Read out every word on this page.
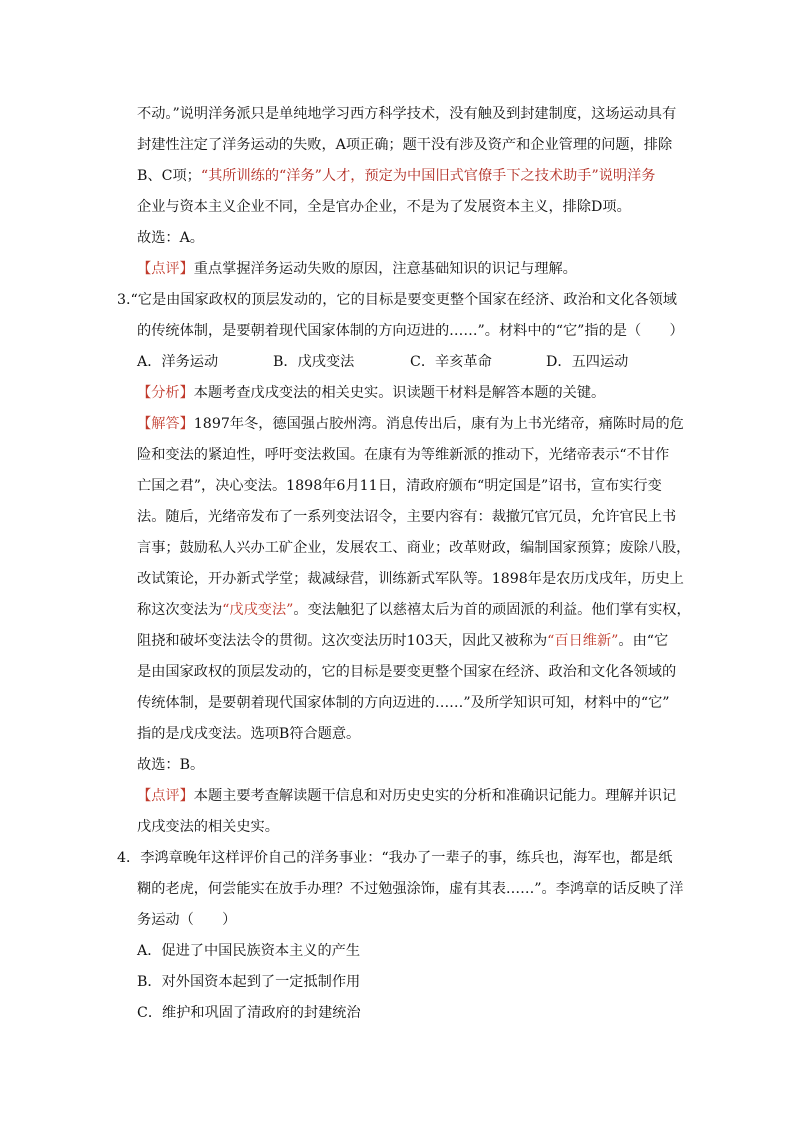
不动。”说明洋务派只是单纯地学习西方科学技术，没有触及到封建制度，这场运动具有
封建性注定了洋务运动的失败，A项正确；题干没有涉及资产和企业管理的问题，排除
B、C项；“其所训练的“洋务”人才，预定为中国旧式官僚手下之技术助手”说明洋务
企业与资本主义企业不同，全是官办企业，不是为了发展资本主义，排除D项。
故选：A。
【点评】重点掌握洋务运动失败的原因，注意基础知识的识记与理解。
3.“它是由国家政权的顶层发动的，它的目标是要变更整个国家在经济、政治和文化各领域
的传统体制，是要朝着现代国家体制的方向迈进的……”。材料中的“它”指的是（　　）
A．洋务运动	B．戊戌变法	C．辛亥革命	D．五四运动
【分析】本题考查戊戌变法的相关史实。识读题干材料是解答本题的关键。
【解答】1897年冬，德国强占胶州湾。消息传出后，康有为上书光绪帝，痛陈时局的危
险和变法的紧迫性，呼吁变法救国。在康有为等维新派的推动下，光绪帝表示“不甘作
亡国之君”，决心变法。1898年6月11日，清政府颁布“明定国是”诏书，宣布实行变
法。随后，光绪帝发布了一系列变法诏令，主要内容有：裁撤冗官冗员，允许官民上书
言事；鼓励私人兴办工矿企业，发展农工、商业；改革财政，编制国家预算；废除八股，
改试策论，开办新式学堂；裁减绿营，训练新式军队等。1898年是农历戊戌年，历史上
称这次变法为“戊戌变法”。变法触犯了以慈禧太后为首的顽固派的利益。他们掌有实权，
阻挠和破坏变法法令的贯彻。这次变法历时103天，因此又被称为“百日维新”。由“它
是由国家政权的顶层发动的，它的目标是要变更整个国家在经济、政治和文化各领域的
传统体制，是要朝着现代国家体制的方向迈进的……”及所学知识可知，材料中的“它”
指的是戊戌变法。选项B符合题意。
故选：B。
【点评】本题主要考查解读题干信息和对历史史实的分析和准确识记能力。理解并识记
戊戌变法的相关史实。
4．李鸿章晚年这样评价自己的洋务事业：“我办了一辈子的事，练兵也，海军也，都是纸
糊的老虎，何尝能实在放手办理？不过勉强涂饰，虚有其表……”。李鸿章的话反映了洋
务运动（　　）
A．促进了中国民族资本主义的产生
B．对外国资本起到了一定抵制作用
C．维护和巩固了清政府的封建统治
